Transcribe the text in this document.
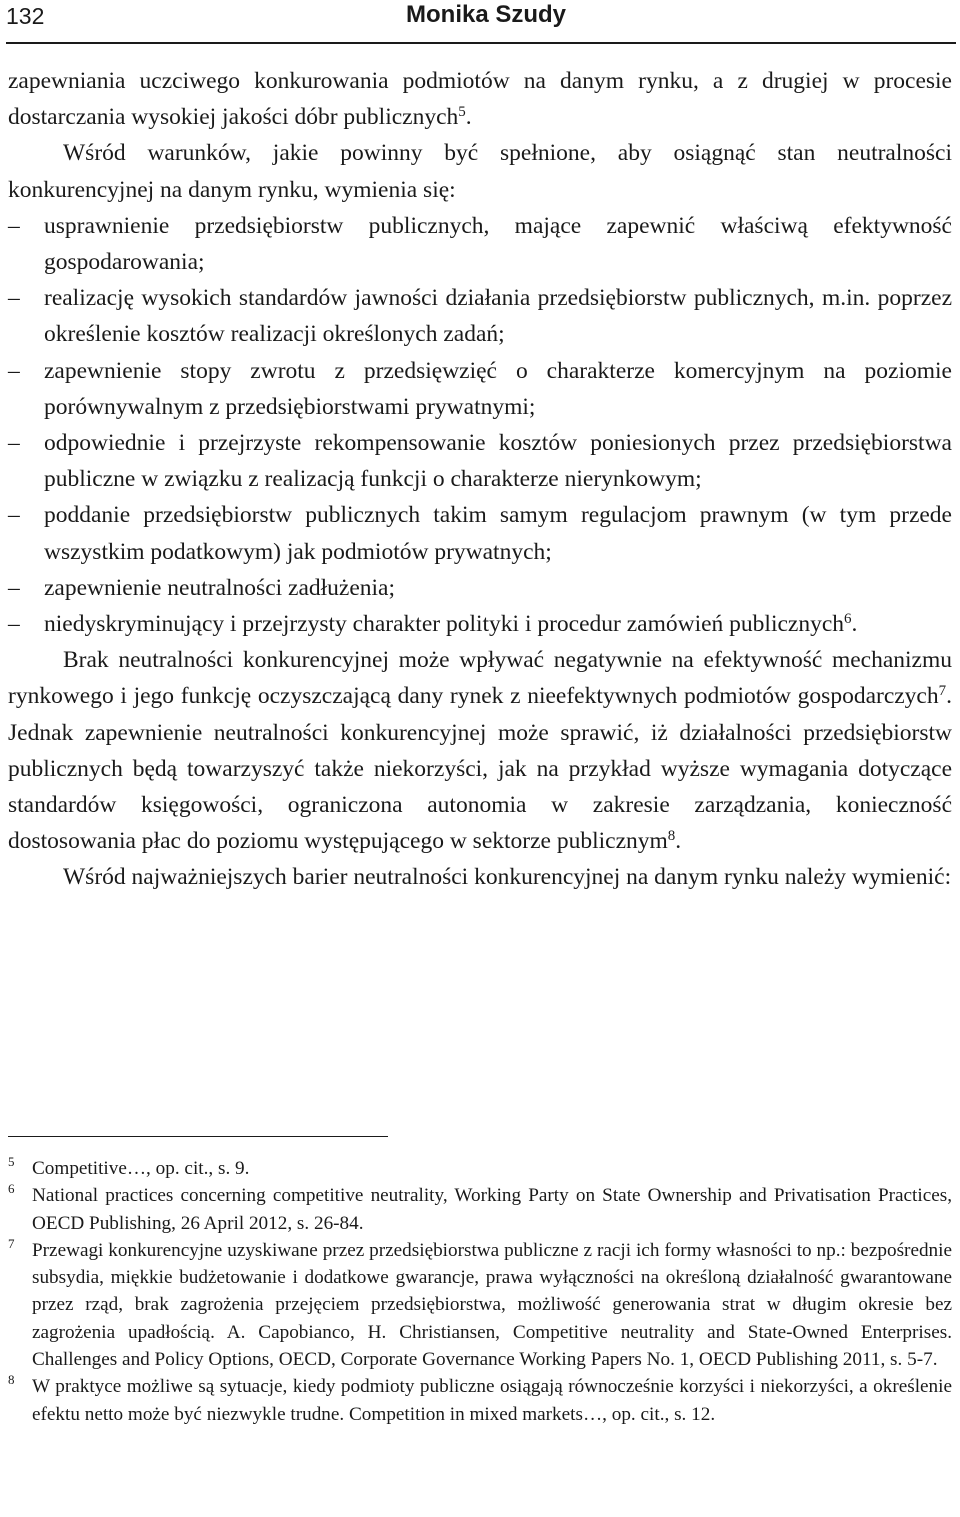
132	Monika Szudy

zapewniania uczciwego konkurowania podmiotów na danym rynku, a z drugiej w procesie dostarczania wysokiej jakości dóbr publicznych$^5$.

Wśród warunków, jakie powinny być spełnione, aby osiągnąć stan neutralności konkurencyjnej na danym rynku, wymienia się:

– usprawnienie przedsiębiorstw publicznych, mające zapewnić właściwą efektywność gospodarowania;
– realizację wysokich standardów jawności działania przedsiębiorstw publicznych, m.in. poprzez określenie kosztów realizacji określonych zadań;
– zapewnienie stopy zwrotu z przedsięwzięć o charakterze komercyjnym na poziomie porównywalnym z przedsiębiorstwami prywatnymi;
– odpowiednie i przejrzyste rekompensowanie kosztów poniesionych przez przedsiębiorstwa publiczne w związku z realizacją funkcji o charakterze nierynkowym;
– poddanie przedsiębiorstw publicznych takim samym regulacjom prawnym (w tym przede wszystkim podatkowym) jak podmiotów prywatnych;
– zapewnienie neutralności zadłużenia;
– niedyskryminujący i przejrzysty charakter polityki i procedur zamówień publicznych$^6$.

Brak neutralności konkurencyjnej może wpływać negatywnie na efektywność mechanizmu rynkowego i jego funkcję oczyszczającą dany rynek z nieefektywnych podmiotów gospodarczych$^7$. Jednak zapewnienie neutralności konkurencyjnej może sprawić, iż działalności przedsiębiorstw publicznych będą towarzyszyć także niekorzyści, jak na przykład wyższe wymagania dotyczące standardów księgowości, ograniczona autonomia w zakresie zarządzania, konieczność dostosowania płac do poziomu występującego w sektorze publicznym$^8$.

Wśród najważniejszych barier neutralności konkurencyjnej na danym rynku należy wymienić:

5 Competitive…, op. cit., s. 9.

6 National practices concerning competitive neutrality, Working Party on State Ownership and Privatisation Practices, OECD Publishing, 26 April 2012, s. 26-84.

7 Przewagi konkurencyjne uzyskiwane przez przedsiębiorstwa publiczne z racji ich formy własności to np.: bezpośrednie subsydia, miękkie budżetowanie i dodatkowe gwarancje, prawa wyłączności na określoną działalność gwarantowane przez rząd, brak zagrożenia przejęciem przedsiębiorstwa, możliwość generowania strat w długim okresie bez zagrożenia upadłością. A. Capobianco, H. Christiansen, Competitive neutrality and State-Owned Enterprises. Challenges and Policy Options, OECD, Corporate Governance Working Papers No. 1, OECD Publishing 2011, s. 5-7.

8 W praktyce możliwe są sytuacje, kiedy podmioty publiczne osiągają równocześnie korzyści i niekorzyści, a określenie efektu netto może być niezwykle trudne. Competition in mixed markets…, op. cit., s. 12.
